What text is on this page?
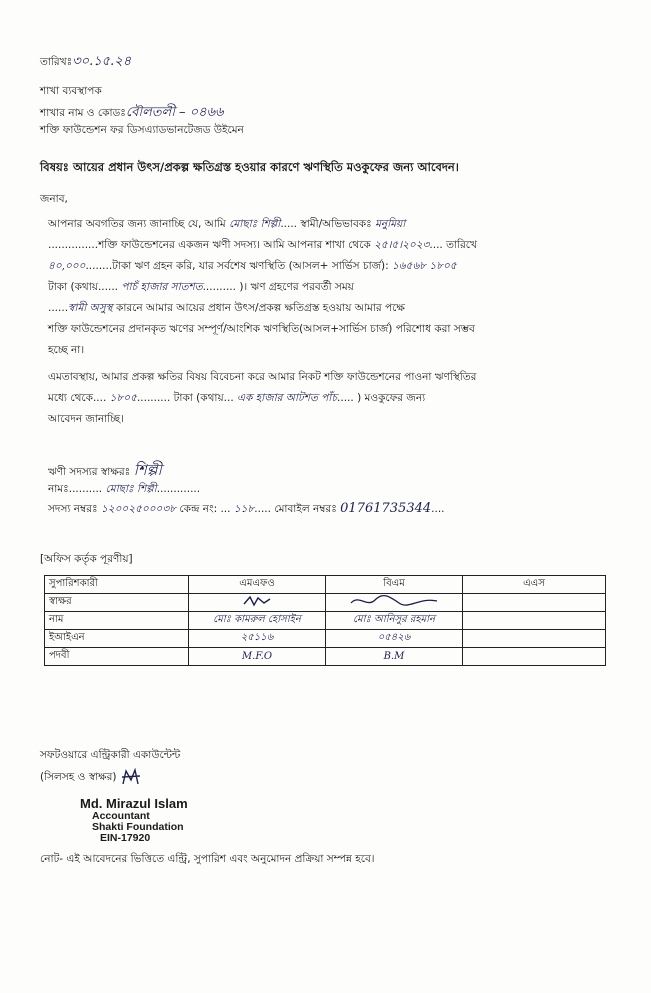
তারিখঃ৩০.১৫.২৪
শাখা ব্যবস্থাপক
শাখার নাম ও কোডঃবৌলতলী – ০৪৬৬
শক্তি ফাউন্ডেশন ফর ডিসএ্যাডভানটেজড উইমেন
বিষয়ঃ আয়ের প্রধান উৎস/প্রকল্প ক্ষতিগ্রস্ত হওয়ার কারণে ঋণস্থিতি মওকুফের জন্য আবেদন।
জনাব,
আপনার অবগতির জন্য জানাচ্ছি যে, আমি মোছাঃ শিল্পী..... স্বামী/অভিভাবকঃ মনুমিয়া
...............শক্তি ফাউন্ডেশনের একজন ঋণী সদস্য। আমি আপনার শাখা থেকে ২৫।৫।২০২৩.... তারিখে
৪০,০০০........টাকা ঋণ গ্রহন করি, যার সর্বশেষ ঋণস্থিতি (আসল+ সার্ভিস চার্জ): ১৬৫৬৮ ১৮০৫
টাকা (কথায়...... পাচঁ হাজার সাতশত.......... )। ঋণ গ্রহণের পরবর্তী সময়
......স্বামী অসুস্থ কারনে আমার আয়ের প্রধান উৎস/প্রকল্প ক্ষতিগ্রস্ত হওয়ায় আমার পক্ষে
শক্তি ফাউন্ডেশনের প্রদানকৃত ঋণের সম্পূর্ণ/আংশিক ঋণস্থিতি(আসল+সার্ভিস চার্জ) পরিশোধ করা সম্ভব
হচ্ছে না।
এমতাবস্থায়, আমার প্রকল্প ক্ষতির বিষয় বিবেচনা করে আমার নিকট শক্তি ফাউন্ডেশনের পাওনা ঋণস্থিতির
মধ্যে থেকে.... ১৮০৫.......... টাকা (কথায়... এক হাজার আটশত পাঁচ..... ) মওকুফের জন্য
আবেদন জানাচ্ছি।
ঋণী সদস্যর স্বাক্ষরঃ শিল্পী
নামঃ.......... মোছাঃ শিল্পী.............
সদস্য নম্বরঃ ১২০০২৫০০০৩৮ কেন্দ্র নং: ... ১১৮..... মোবাইল নম্বরঃ 01761735344....
[অফিস কর্তৃক পূরণীয়]
সুপারিশকারী	এমএফও	বিএম	এএস
স্বাক্ষর			
নাম	মোঃ কামরুল হোসাইন	মোঃ আনিসুর রহমান	
ইআইএন	২৫১১৬	০৫৪২৬	
পদবী	M.F.O	B.M	
সফটওয়ারে এন্ট্রিকারী একাউন্টেন্ট
(সিলসহ ও স্বাক্ষর)
Md. Mirazul Islam
Accountant
Shakti Foundation
EIN-17920
নোট- এই আবেদনের ভিত্তিতে এন্ট্রি, সুপারিশ এবং অনুমোদন প্রক্রিয়া সম্পন্ন হবে।
